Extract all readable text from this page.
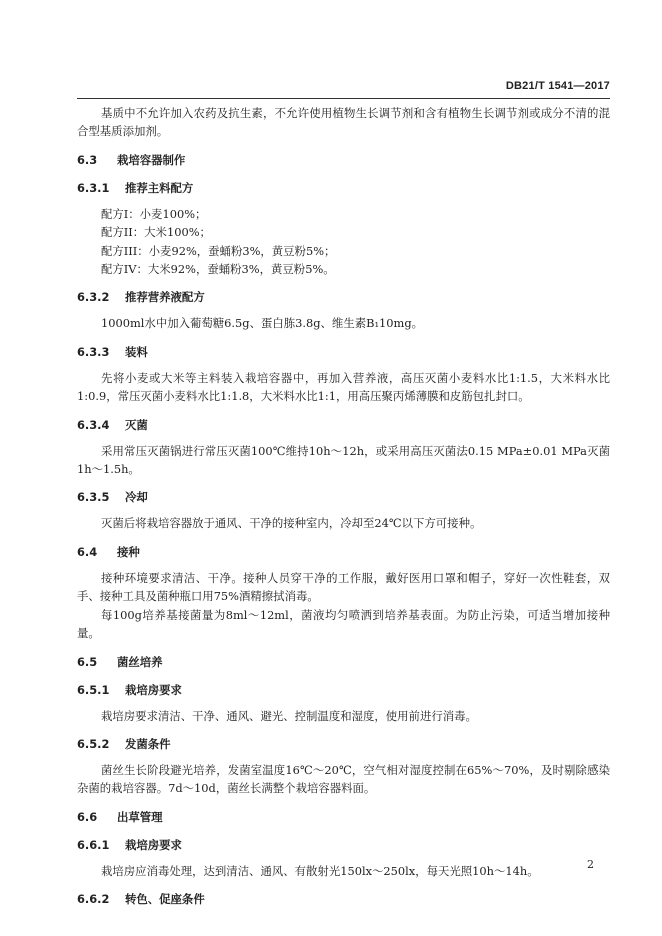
DB21/T 1541—2017

基质中不允许加入农药及抗生素，不允许使用植物生长调节剂和含有植物生长调节剂或成分不清的混合型基质添加剂。

6.3 栽培容器制作
6.3.1 推荐主料配方

配方I：小麦100%；

配方II：大米100%；

配方III：小麦92%，蚕蛹粉3%，黄豆粉5%；

配方IV：大米92%，蚕蛹粉3%，黄豆粉5%。

6.3.2 推荐营养液配方

1000ml水中加入葡萄糖6.5g、蛋白胨3.8g、维生素B₁10mg。

6.3.3 装料

先将小麦或大米等主料装入栽培容器中，再加入营养液，高压灭菌小麦料水比1:1.5，大米料水比1:0.9，常压灭菌小麦料水比1:1.8，大米料水比1:1，用高压聚丙烯薄膜和皮筋包扎封口。

6.3.4 灭菌

采用常压灭菌锅进行常压灭菌100℃维持10h～12h，或采用高压灭菌法0.15 MPa±0.01 MPa灭菌1h～1.5h。

6.3.5 冷却

灭菌后将栽培容器放于通风、干净的接种室内，冷却至24℃以下方可接种。

6.4 接种

接种环境要求清洁、干净。接种人员穿干净的工作服，戴好医用口罩和帽子，穿好一次性鞋套，双手、接种工具及菌种瓶口用75%酒精擦拭消毒。

每100g培养基接菌量为8ml～12ml，菌液均匀喷洒到培养基表面。为防止污染，可适当增加接种量。

6.5 菌丝培养
6.5.1 栽培房要求

栽培房要求清洁、干净、通风、避光、控制温度和湿度，使用前进行消毒。

6.5.2 发菌条件

菌丝生长阶段避光培养，发菌室温度16℃～20℃，空气相对湿度控制在65%～70%，及时剔除感染杂菌的栽培容器。7d～10d，菌丝长满整个栽培容器料面。

6.6 出草管理
6.6.1 栽培房要求

栽培房应消毒处理，达到清洁、通风、有散射光150lx～250lx，每天光照10h～14h。

6.6.2 转色、促座条件
2
